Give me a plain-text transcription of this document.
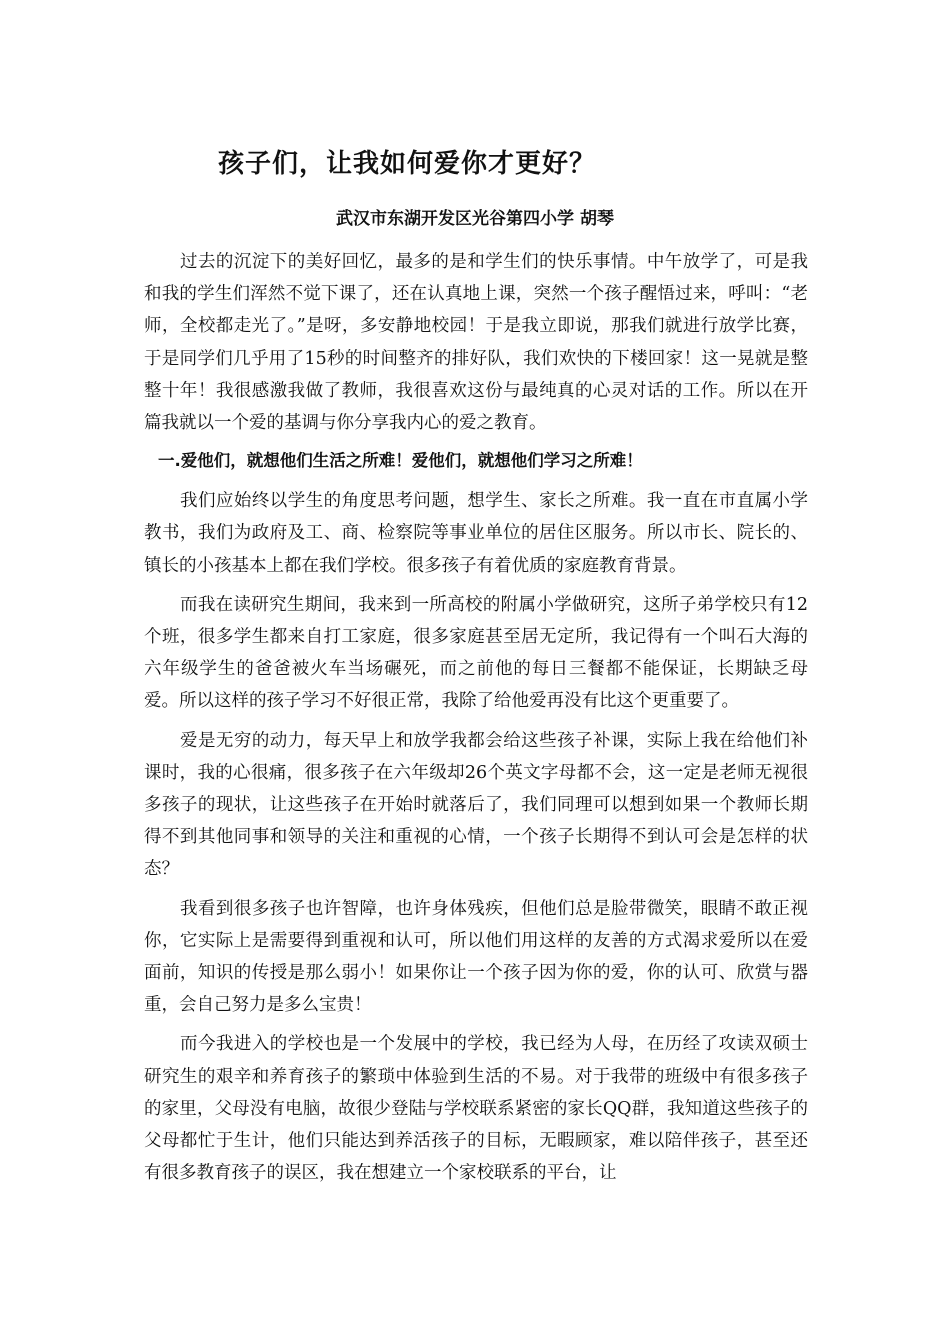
孩子们，让我如何爱你才更好？

武汉市东湖开发区光谷第四小学 胡琴

过去的沉淀下的美好回忆，最多的是和学生们的快乐事情。中午放学了，可是我和我的学生们浑然不觉下课了，还在认真地上课，突然一个孩子醒悟过来，呼叫：“老师，全校都走光了。”是呀，多安静地校园！于是我立即说，那我们就进行放学比赛，于是同学们几乎用了15秒的时间整齐的排好队，我们欢快的下楼回家！这一晃就是整整十年！我很感激我做了教师，我很喜欢这份与最纯真的心灵对话的工作。所以在开篇我就以一个爱的基调与你分享我内心的爱之教育。

一.爱他们，就想他们生活之所难！爱他们，就想他们学习之所难！

我们应始终以学生的角度思考问题，想学生、家长之所难。我一直在市直属小学教书，我们为政府及工、商、检察院等事业单位的居住区服务。所以市长、院长的、镇长的小孩基本上都在我们学校。很多孩子有着优质的家庭教育背景。

而我在读研究生期间，我来到一所高校的附属小学做研究，这所子弟学校只有12个班，很多学生都来自打工家庭，很多家庭甚至居无定所，我记得有一个叫石大海的六年级学生的爸爸被火车当场碾死，而之前他的每日三餐都不能保证，长期缺乏母爱。所以这样的孩子学习不好很正常，我除了给他爱再没有比这个更重要了。

爱是无穷的动力，每天早上和放学我都会给这些孩子补课，实际上我在给他们补课时，我的心很痛，很多孩子在六年级却26个英文字母都不会，这一定是老师无视很多孩子的现状，让这些孩子在开始时就落后了，我们同理可以想到如果一个教师长期得不到其他同事和领导的关注和重视的心情，一个孩子长期得不到认可会是怎样的状态？

我看到很多孩子也许智障，也许身体残疾，但他们总是脸带微笑，眼睛不敢正视你，它实际上是需要得到重视和认可，所以他们用这样的友善的方式渴求爱所以在爱面前，知识的传授是那么弱小！如果你让一个孩子因为你的爱，你的认可、欣赏与器重，会自己努力是多么宝贵！

而今我进入的学校也是一个发展中的学校，我已经为人母，在历经了攻读双硕士研究生的艰辛和养育孩子的繁琐中体验到生活的不易。对于我带的班级中有很多孩子的家里，父母没有电脑，故很少登陆与学校联系紧密的家长QQ群，我知道这些孩子的父母都忙于生计，他们只能达到养活孩子的目标，无暇顾家，难以陪伴孩子，甚至还有很多教育孩子的误区，我在想建立一个家校联系的平台，让
